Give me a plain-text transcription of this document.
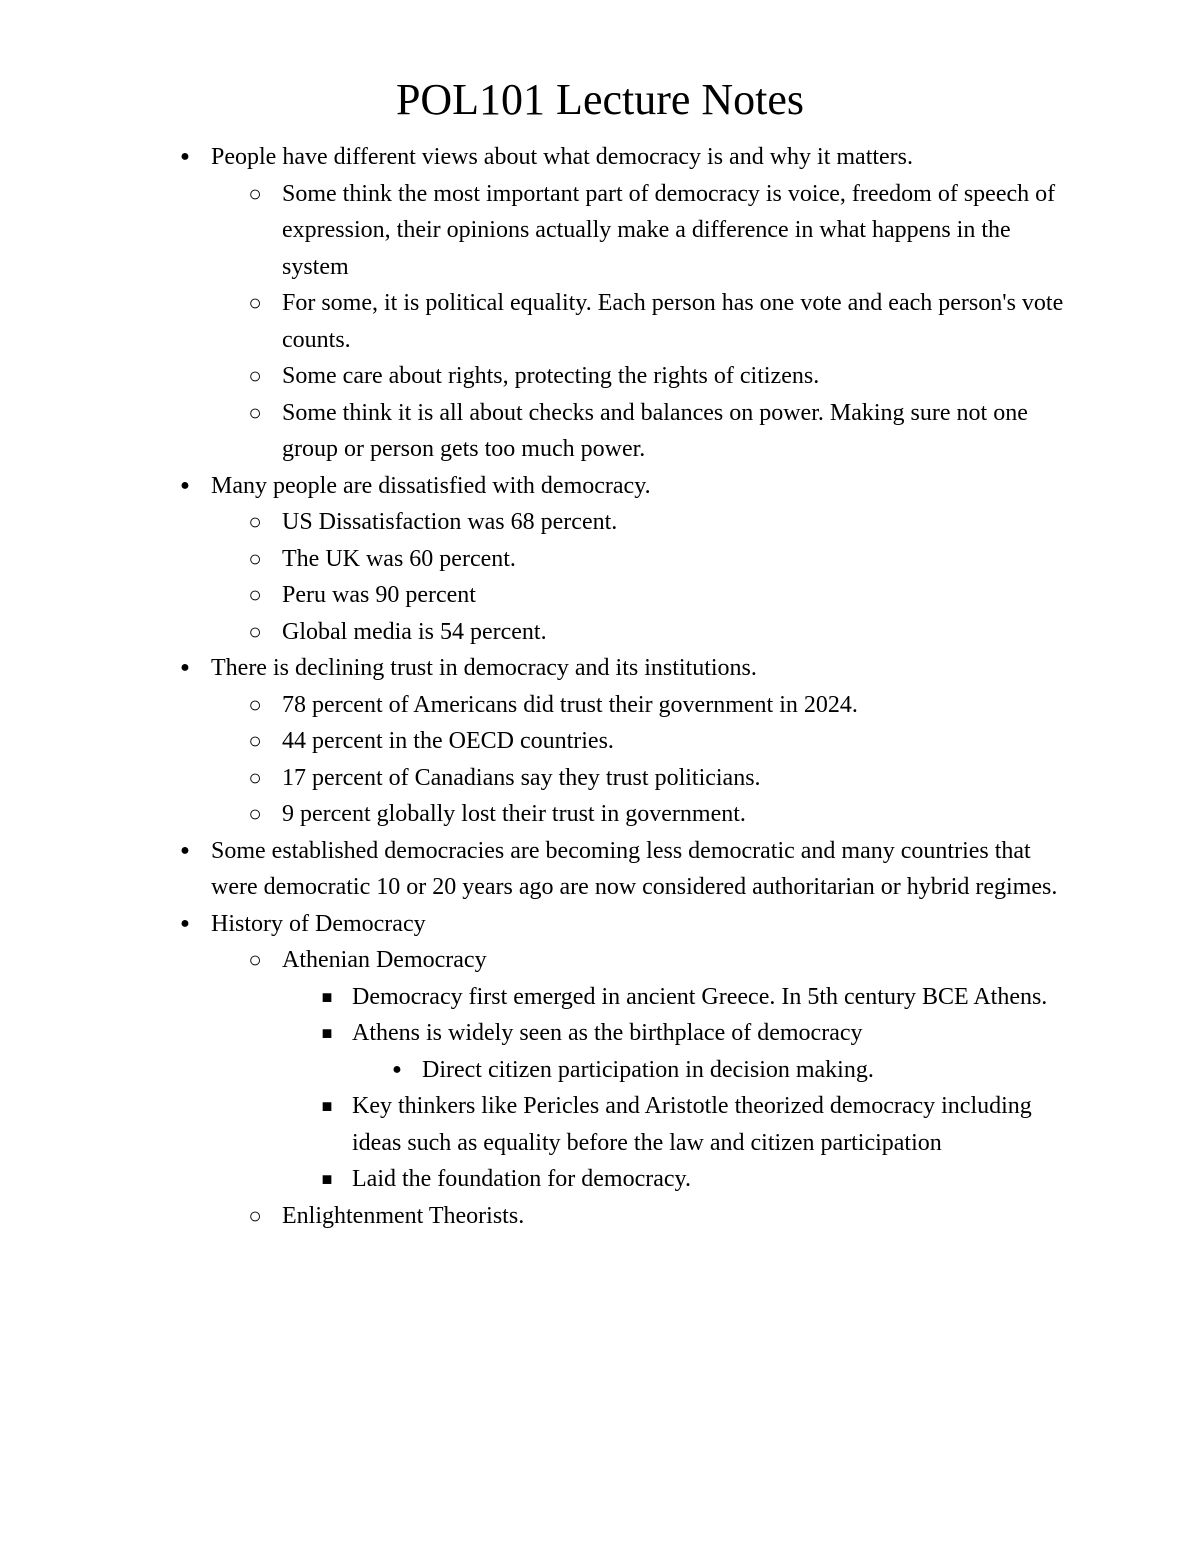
POL101 Lecture Notes
● People have different views about what democracy is and why it matters.
○ Some think the most important part of democracy is voice, freedom of speech of expression, their opinions actually make a difference in what happens in the system
○ For some, it is political equality. Each person has one vote and each person's vote counts.
○ Some care about rights, protecting the rights of citizens.
○ Some think it is all about checks and balances on power. Making sure not one group or person gets too much power.
● Many people are dissatisfied with democracy.
○ US Dissatisfaction was 68 percent.
○ The UK was 60 percent.
○ Peru was 90 percent
○ Global media is 54 percent.
● There is declining trust in democracy and its institutions.
○ 78 percent of Americans did trust their government in 2024.
○ 44 percent in the OECD countries.
○ 17 percent of Canadians say they trust politicians.
○ 9 percent globally lost their trust in government.
● Some established democracies are becoming less democratic and many countries that were democratic 10 or 20 years ago are now considered authoritarian or hybrid regimes.
● History of Democracy
○ Athenian Democracy
■ Democracy first emerged in ancient Greece. In 5th century BCE Athens.
■ Athens is widely seen as the birthplace of democracy
● Direct citizen participation in decision making.
■ Key thinkers like Pericles and Aristotle theorized democracy including ideas such as equality before the law and citizen participation
■ Laid the foundation for democracy.
○ Enlightenment Theorists.
